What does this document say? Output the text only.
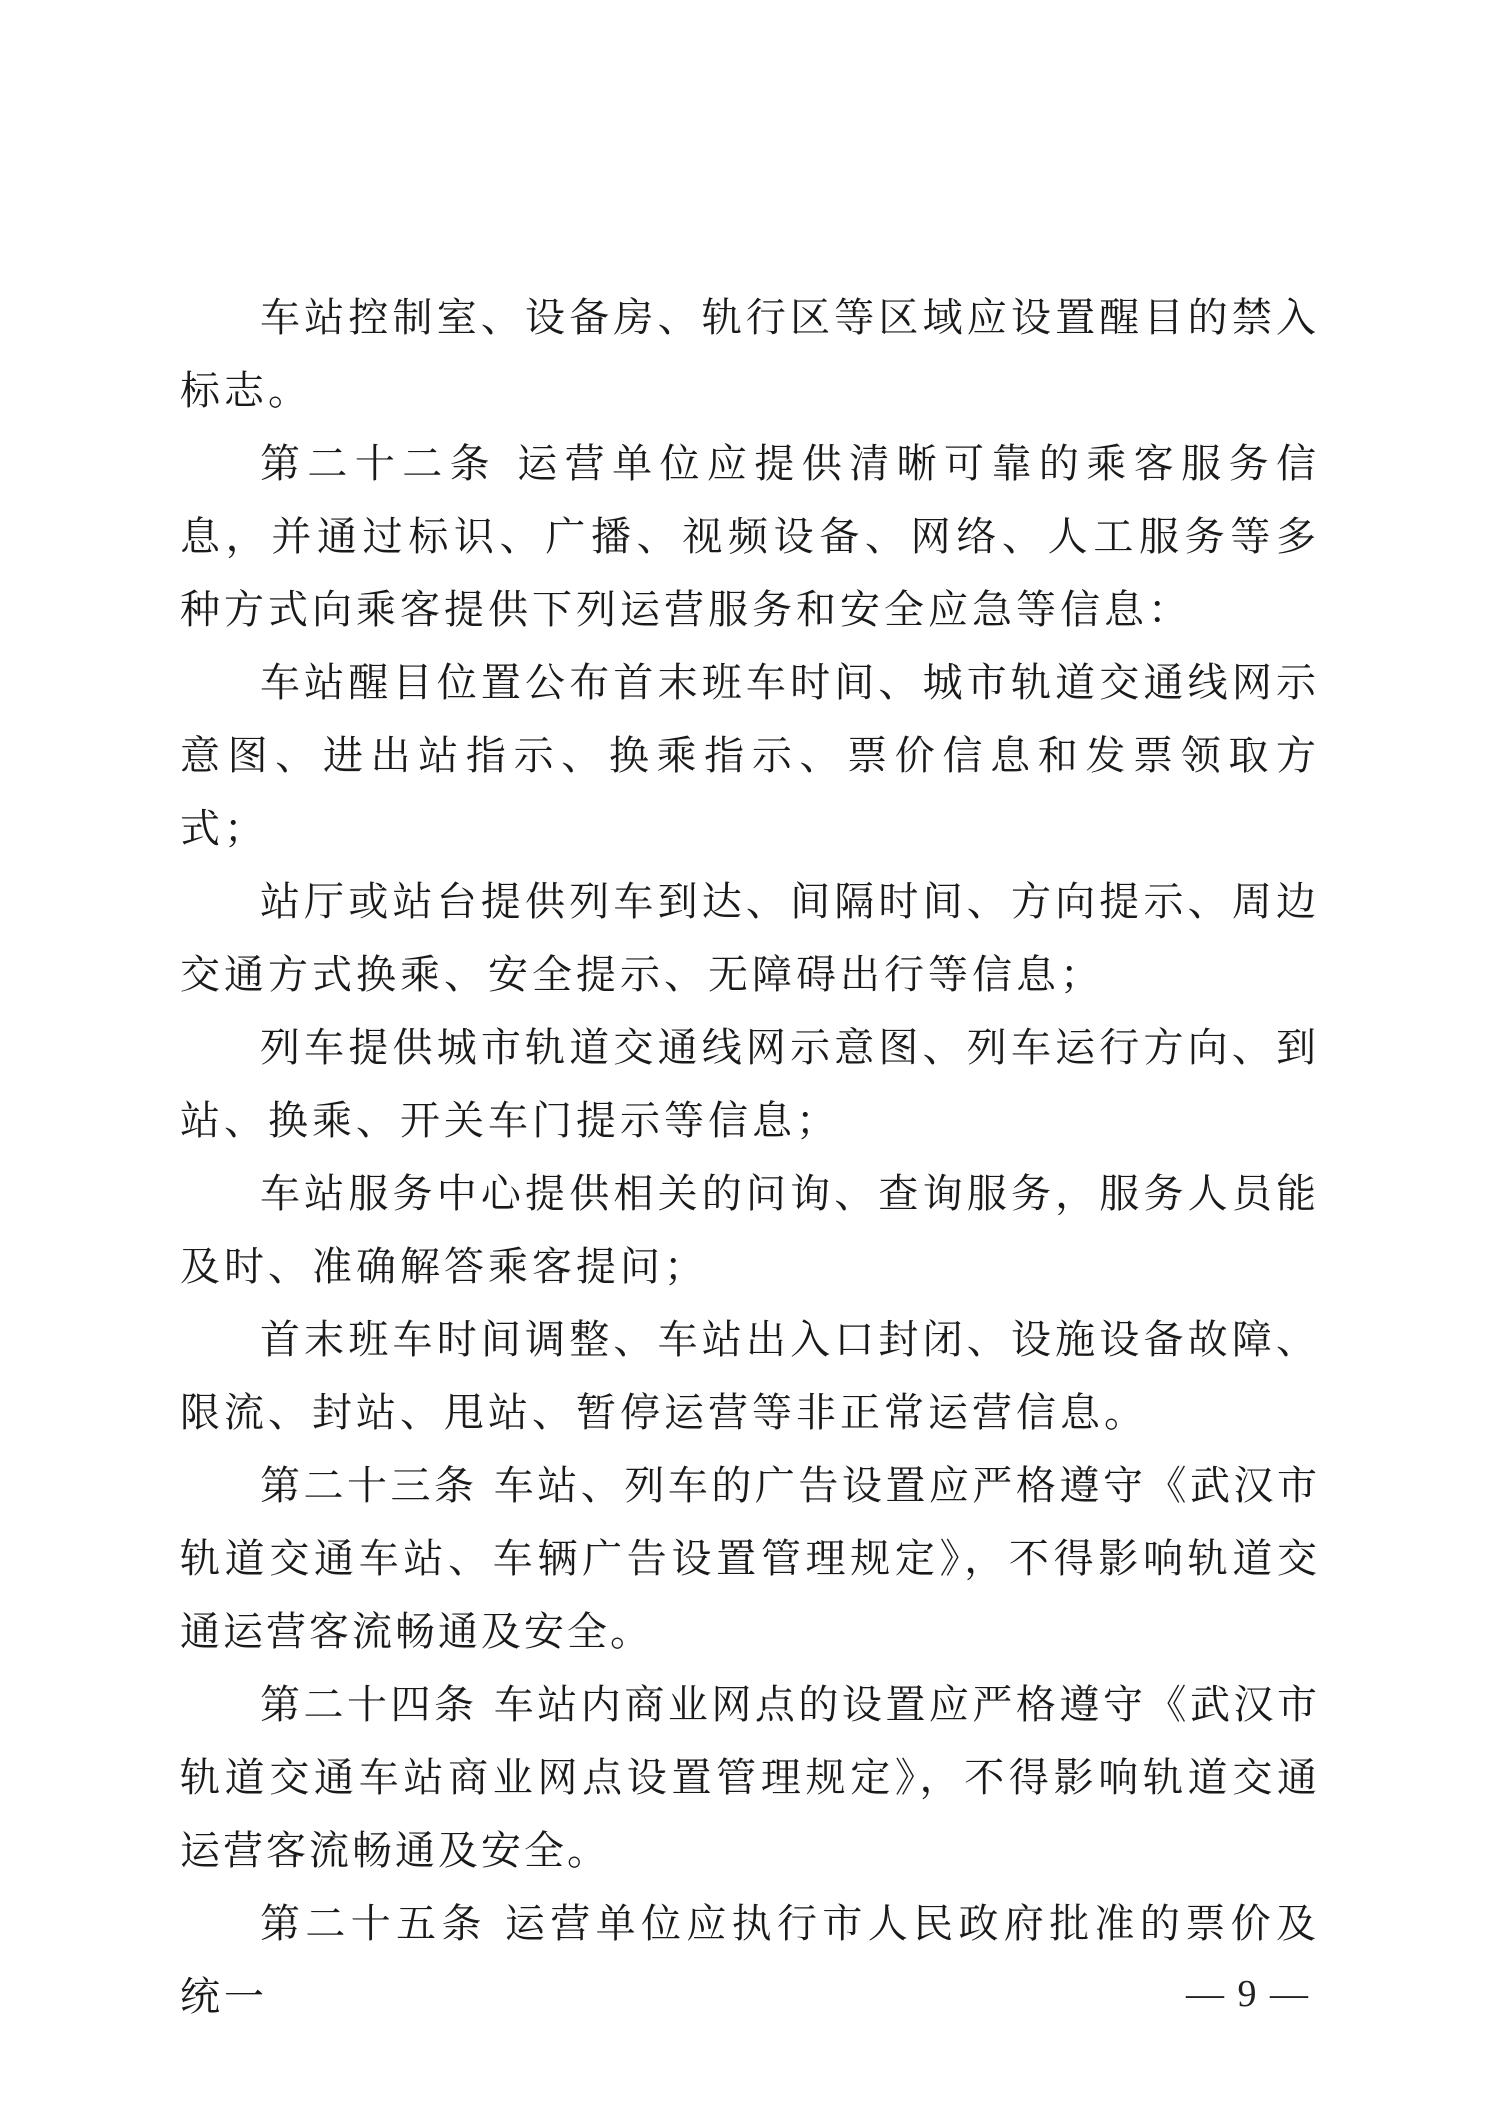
车站控制室、设备房、轨行区等区域应设置醒目的禁入标志。

第二十二条 运营单位应提供清晰可靠的乘客服务信息，并通过标识、广播、视频设备、网络、人工服务等多种方式向乘客提供下列运营服务和安全应急等信息：

车站醒目位置公布首末班车时间、城市轨道交通线网示意图、进出站指示、换乘指示、票价信息和发票领取方式；

站厅或站台提供列车到达、间隔时间、方向提示、周边交通方式换乘、安全提示、无障碍出行等信息；

列车提供城市轨道交通线网示意图、列车运行方向、到站、换乘、开关车门提示等信息；

车站服务中心提供相关的问询、查询服务，服务人员能及时、准确解答乘客提问；

首末班车时间调整、车站出入口封闭、设施设备故障、限流、封站、甩站、暂停运营等非正常运营信息。

第二十三条 车站、列车的广告设置应严格遵守《武汉市轨道交通车站、车辆广告设置管理规定》，不得影响轨道交通运营客流畅通及安全。

第二十四条 车站内商业网点的设置应严格遵守《武汉市轨道交通车站商业网点设置管理规定》，不得影响轨道交通运营客流畅通及安全。

第二十五条 运营单位应执行市人民政府批准的票价及统一	— 9 —
